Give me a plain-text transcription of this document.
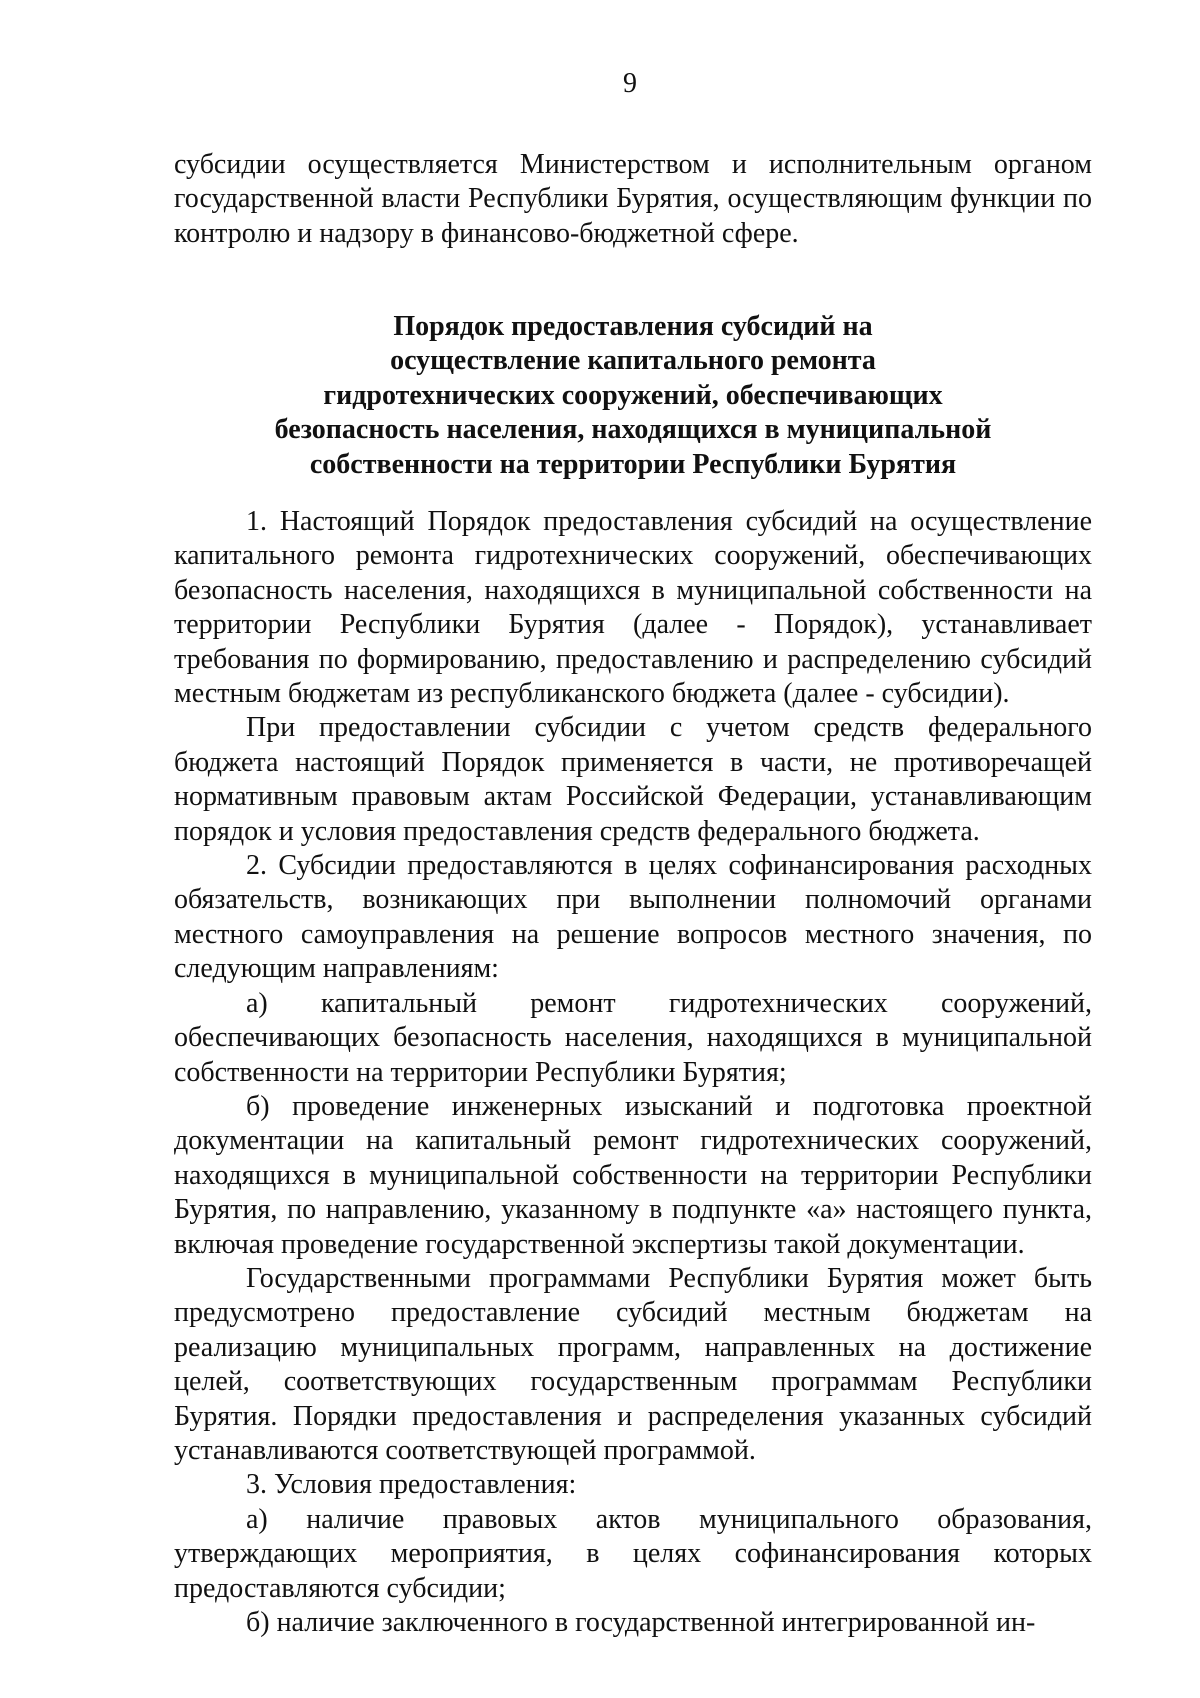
9

субсидии осуществляется Министерством и исполнительным органом государственной власти Республики Бурятия, осуществляющим функции по контролю и надзору в финансово-бюджетной сфере.

Порядок предоставления субсидий на
осуществление капитального ремонта
гидротехнических сооружений, обеспечивающих
безопасность населения, находящихся в муниципальной
собственности на территории Республики Бурятия

1. Настоящий Порядок предоставления субсидий на осуществление капитального ремонта гидротехнических сооружений, обеспечивающих безопасность населения, находящихся в муниципальной собственности на территории Республики Бурятия (далее - Порядок), устанавливает требования по формированию, предоставлению и распределению субсидий местным бюджетам из республиканского бюджета (далее - субсидии).

При предоставлении субсидии с учетом средств федерального бюджета настоящий Порядок применяется в части, не противоречащей нормативным правовым актам Российской Федерации, устанавливающим порядок и условия предоставления средств федерального бюджета.

2. Субсидии предоставляются в целях софинансирования расходных обязательств, возникающих при выполнении полномочий органами местного самоуправления на решение вопросов местного значения, по следующим направлениям:

а) капитальный ремонт гидротехнических сооружений, обеспечивающих безопасность населения, находящихся в муниципальной собственности на территории Республики Бурятия;

б) проведение инженерных изысканий и подготовка проектной документации на капитальный ремонт гидротехнических сооружений, находящихся в муниципальной собственности на территории Республики Бурятия, по направлению, указанному в подпункте «а» настоящего пункта, включая проведение государственной экспертизы такой документации.

Государственными программами Республики Бурятия может быть предусмотрено предоставление субсидий местным бюджетам на реализацию муниципальных программ, направленных на достижение целей, соответствующих государственным программам Республики Бурятия. Порядки предоставления и распределения указанных субсидий устанавливаются соответствующей программой.

3. Условия предоставления:

а) наличие правовых актов муниципального образования, утверждающих мероприятия, в целях софинансирования которых предоставляются субсидии;

б) наличие заключенного в государственной интегрированной ин-
